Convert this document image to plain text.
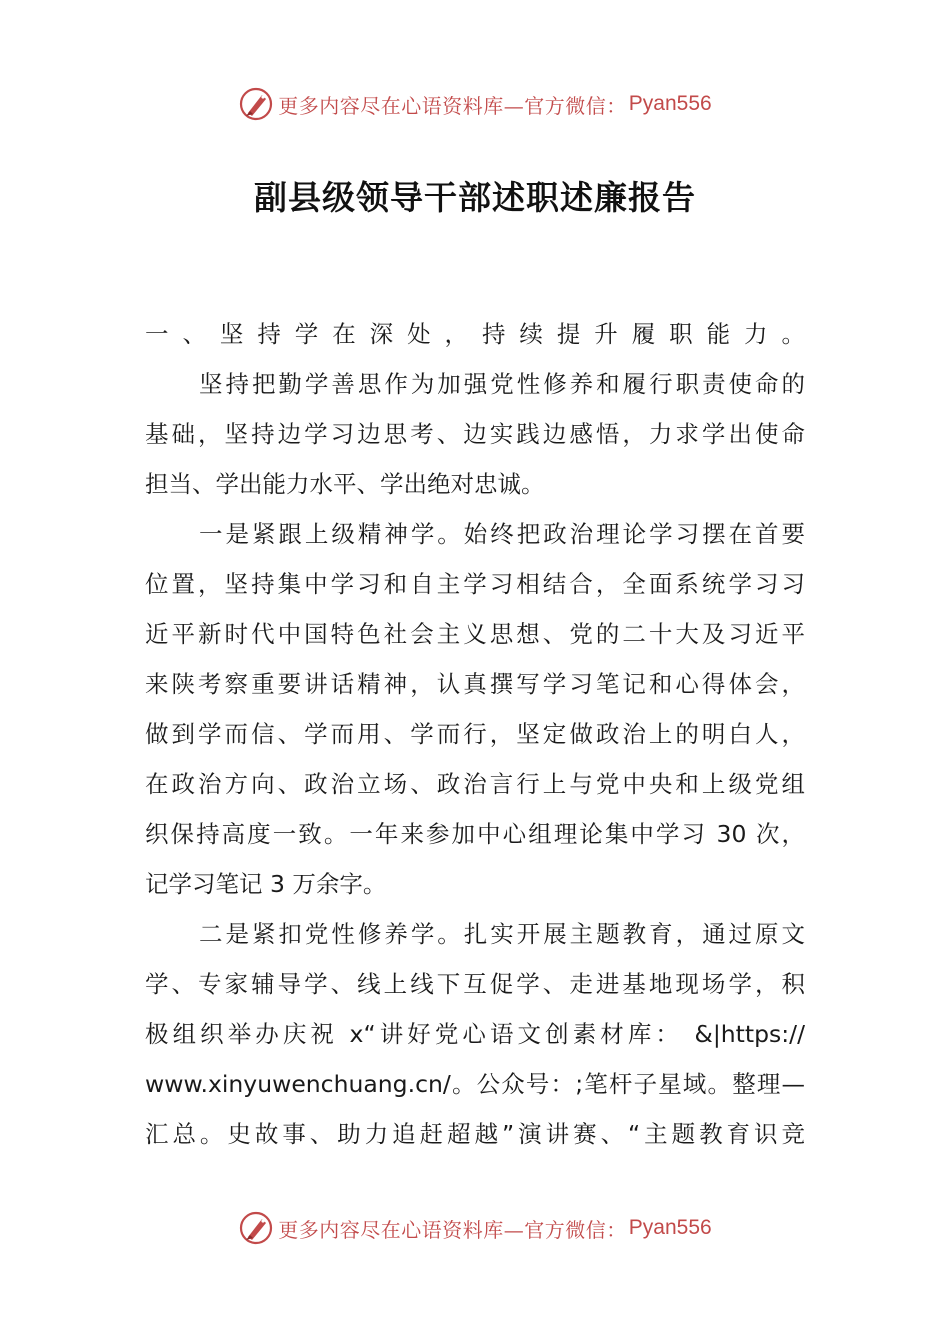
更多内容尽在心语资料库—官方微信： Pyan556
副县级领导干部述职述廉报告
一、坚持学在深处，持续提升履职能力。
坚持把勤学善思作为加强党性修养和履行职责使命的
基础，坚持边学习边思考、边实践边感悟，力求学出使命
担当、学出能力水平、学出绝对忠诚。
一是紧跟上级精神学。始终把政治理论学习摆在首要
位置，坚持集中学习和自主学习相结合，全面系统学习习
近平新时代中国特色社会主义思想、党的二十大及习近平
来陕考察重要讲话精神，认真撰写学习笔记和心得体会，
做到学而信、学而用、学而行，坚定做政治上的明白人，
在政治方向、政治立场、政治言行上与党中央和上级党组
织保持高度一致。一年来参加中心组理论集中学习 30 次，
记学习笔记 3 万余字。
二是紧扣党性修养学。扎实开展主题教育，通过原文
学、专家辅导学、线上线下互促学、走进基地现场学，积
极组织举办庆祝 x“讲好党心语文创素材库： &|https://
www.xinyuwenchuang.cn/。公众号：;笔杆子星域。整理—
汇总。史故事、助力追赶超越”演讲赛、“主题教育识竞
更多内容尽在心语资料库—官方微信： Pyan556
